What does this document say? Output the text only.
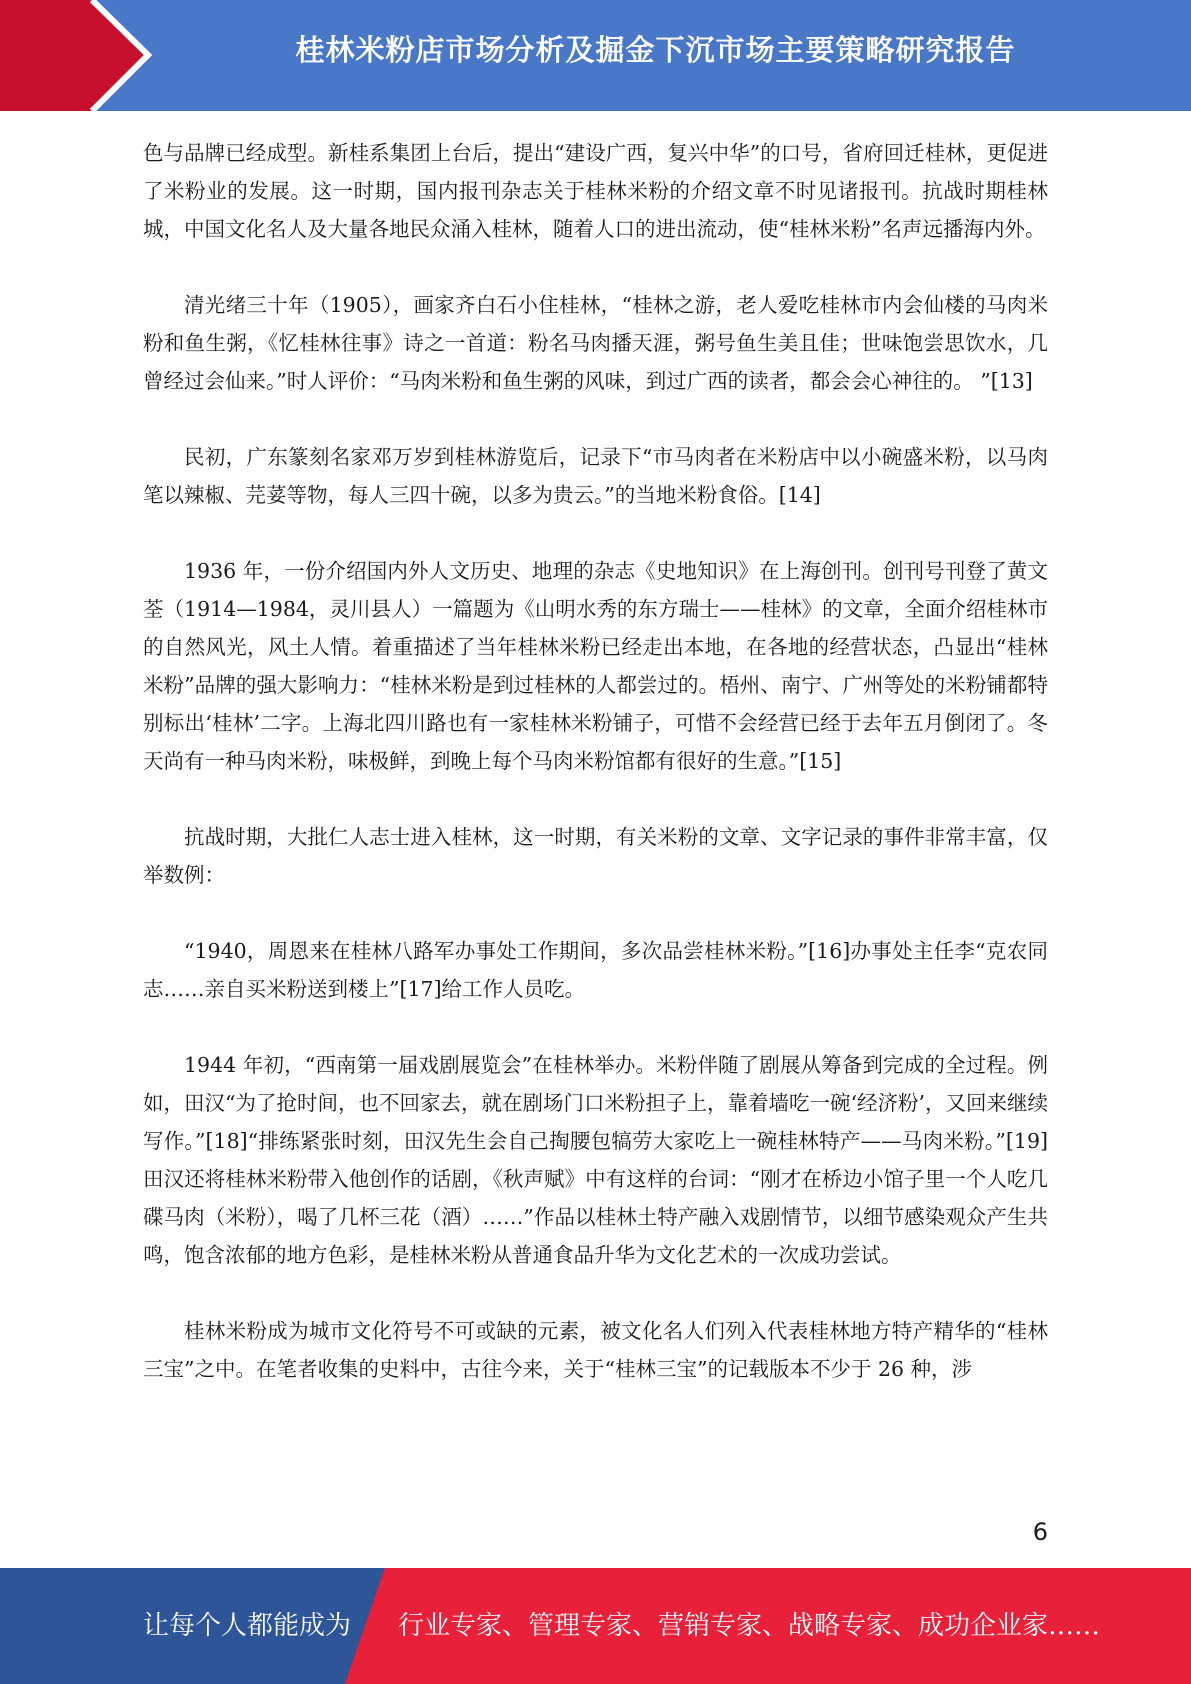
桂林米粉店市场分析及掘金下沉市场主要策略研究报告

色与品牌已经成型。新桂系集团上台后，提出“建设广西，复兴中华”的口号，省府回迁桂林，更促进了米粉业的发展。这一时期，国内报刊杂志关于桂林米粉的介绍文章不时见诸报刊。抗战时期桂林城，中国文化名人及大量各地民众涌入桂林，随着人口的进出流动，使“桂林米粉”名声远播海内外。

清光绪三十年（1905），画家齐白石小住桂林，“桂林之游，老人爱吃桂林市内会仙楼的马肉米粉和鱼生粥，《忆桂林往事》诗之一首道：粉名马肉播天涯，粥号鱼生美且佳；世味饱尝思饮水，几曾经过会仙来。”时人评价：“马肉米粉和鱼生粥的风味，到过广西的读者，都会会心神往的。 ”[13]

民初，广东篆刻名家邓万岁到桂林游览后，记录下“市马肉者在米粉店中以小碗盛米粉，以马肉笔以辣椒、芫荽等物，每人三四十碗，以多为贵云。”的当地米粉食俗。[14]

1936 年，一份介绍国内外人文历史、地理的杂志《史地知识》在上海创刊。创刊号刊登了黄文荃（1914—1984，灵川县人）一篇题为《山明水秀的东方瑞士——桂林》的文章，全面介绍桂林市的自然风光，风土人情。着重描述了当年桂林米粉已经走出本地，在各地的经营状态，凸显出“桂林米粉”品牌的强大影响力：“桂林米粉是到过桂林的人都尝过的。梧州、南宁、广州等处的米粉铺都特别标出‘桂林’二字。上海北四川路也有一家桂林米粉铺子，可惜不会经营已经于去年五月倒闭了。冬天尚有一种马肉米粉，味极鲜，到晚上每个马肉米粉馆都有很好的生意。”[15]

抗战时期，大批仁人志士进入桂林，这一时期，有关米粉的文章、文字记录的事件非常丰富，仅举数例：

“1940，周恩来在桂林八路军办事处工作期间，多次品尝桂林米粉。”[16]办事处主任李“克农同志……亲自买米粉送到楼上”[17]给工作人员吃。

1944 年初，“西南第一届戏剧展览会”在桂林举办。米粉伴随了剧展从筹备到完成的全过程。例如，田汉“为了抢时间，也不回家去，就在剧场门口米粉担子上，靠着墙吃一碗‘经济粉’，又回来继续写作。”[18]“排练紧张时刻，田汉先生会自己掏腰包犒劳大家吃上一碗桂林特产——马肉米粉。”[19]田汉还将桂林米粉带入他创作的话剧，《秋声赋》中有这样的台词：“刚才在桥边小馆子里一个人吃几碟马肉（米粉），喝了几杯三花（酒）……”作品以桂林土特产融入戏剧情节，以细节感染观众产生共鸣，饱含浓郁的地方色彩，是桂林米粉从普通食品升华为文化艺术的一次成功尝试。

桂林米粉成为城市文化符号不可或缺的元素，被文化名人们列入代表桂林地方特产精华的“桂林三宝”之中。在笔者收集的史料中，古往今来，关于“桂林三宝”的记载版本不少于 26 种，涉

6
让每个人都能成为 行业专家、管理专家、营销专家、战略专家、成功企业家……
